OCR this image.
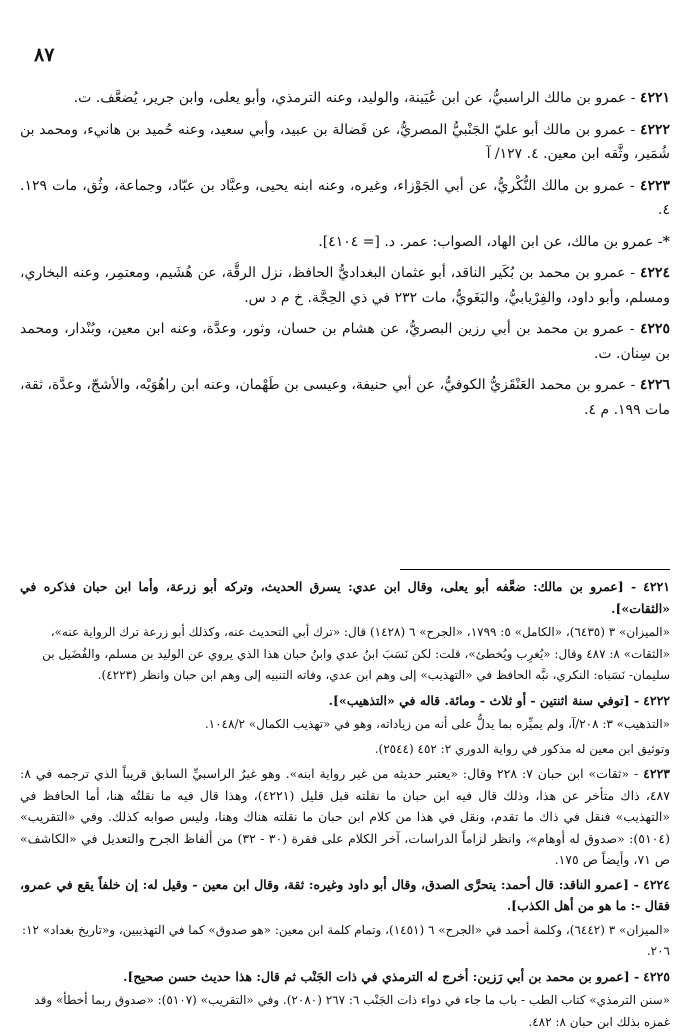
٨٧

٤٢٢١ - عمرو بن مالك الراسبيُّ، عن ابن عُيَينة، والوليد، وعنه الترمذي، وأبو يعلى، وابن جرير، يُضعَّف. ت.

٤٢٢٢ - عمرو بن مالك أبو عليّ الجَنْبيُّ المصريُّ، عن فَضالة بن عبيد، وأبي سعيد، وعنه حُميد بن هانيء، ومحمد بن شُمَير، وثَّقه ابن معين. ٤. ١٢٧/ آ

٤٢٢٣ - عمرو بن مالك النُّكْريُّ، عن أبي الجَوْزاء، وغيره، وعنه ابنه يحيى، وعبَّاد بن عبّاد، وجماعة، وثُق، مات ١٢٩. ٤.

*- عمرو بن مالك، عن ابن الهاد، الصواب: عمر. د. [= ٤١٠٤].

٤٢٢٤ - عمرو بن محمد بن بُكَير الناقد، أبو عثمان البغداديُّ الحافظ، نزل الرقَّة، عن هُشَيم، ومعتمِر، وعنه البخاري، ومسلم، وأبو داود، والفِرْيابيُّ، والبَغَويُّ، مات ٢٣٢ في ذي الحِجَّة. خ م د س.

٤٢٢٥ - عمرو بن محمد بن أبي رزين البصريُّ، عن هشام بن حسان، وثور، وعدَّة، وعنه ابن معين، وبُنْدار، ومحمد بن سِنان. ت.

٤٢٢٦ - عمرو بن محمد العَنْقَزيُّ الكوفيُّ، عن أبي حنيفة، وعيسى بن طَهْمان، وعنه ابن راهُوَيْه، والأشجّ، وعدَّة، ثقة، مات ١٩٩. م ٤.

٤٢٢١ - [عمرو بن مالك: ضعَّفه أبو يعلى، وقال ابن عدي: يسرق الحديث، وتركه أبو زرعة، وأما ابن حبان فذكره في «الثقات»].

«الميزان» ٣ (٦٤٣٥)، «الكامل» ٥: ١٧٩٩، «الجرح» ٦ (١٤٢٨) قال: «ترك أبي التحديث عنه، وكذلك أبو زرعة ترك الرواية عنه»، «الثقات» ٨: ٤٨٧ وقال: «يُغرِب ويُخطئ»، قلت: لكن نَسَبَ ابنُ عدي وابنُ حبان هذا الذي يروي عن الوليد بن مسلم، والفُضَيل بن سليمان- نَسَباه: النكري، نبَّه الحافظ في «التهذيب» إلى وهم ابن عدي، وفاته التنبيه إلى وهم ابن حبان وانظر (٤٢٢٣).

٤٢٢٢ - [توفي سنة اثنتين - أو ثلاث - ومائة. قاله في «التذهيب»].

«التذهيب» ٣: ٢٠٨/آ، ولم يميِّزه بما يدلُّ على أنه من زياداته، وهو في «تهذيب الكمال» ١٠٤٨/٢.

وتوثيق ابن معين له مذكور في رواية الدوري ٢: ٤٥٢ (٢٥٤٤).

٤٢٢٣ - «ثقات» ابن حبان ٧: ٢٢٨ وقال: «يعتبر حديثه من غير رواية ابنه». وهو غيرُ الراسبيِّ السابق قريباً الذي ترجمه في ٨: ٤٨٧، ذاك متأخر عن هذا، وذلك قال فيه ابن حبان ما نقلته قبل قليل (٤٢٢١)، وهذا قال فيه ما نقلتُه هنا، أما الحافظ في «التهذيب» فنقل في ذاك ما تقدم، ونقل في هذا من كلام ابن حبان ما نقلته هناك وهنا، وليس صوابه كذلك. وفي «التقريب» (٥١٠٤): «صدوق له أوهام»، وانظر لزاماً الدراسات، آخر الكلام على فقرة (٣٠ - ٣٢) من ألفاظ الجرح والتعديل في «الكاشف» ص ٧١، وأيضاً ص ١٧٥.

٤٢٢٤ - [عمرو الناقد: قال أحمد: يتحرَّى الصدق، وقال أبو داود وغيره: ثقة، وقال ابن معين - وقيل له: إن خلفاً يقع في عمرو، فقال -: ما هو من أهل الكذب].

«الميزان» ٣ (٦٤٤٢)، وكلمة أحمد في «الجرح» ٦ (١٤٥١)، وتمام كلمة ابن معين: «هو صدوق» كما في التهذيبين، و«تاريخ بغداد» ١٢: ٢٠٦.

٤٢٢٥ - [عمرو بن محمد بن أبي رَزين: أخرج له الترمذي في ذات الجَنْب ثم قال: هذا حديث حسن صحيح].

«سنن الترمذي» كتاب الطب - باب ما جاء في دواء ذات الجَنْب ٦: ٢٦٧ (٢٠٨٠). وفي «التقريب» (٥١٠٧): «صدوق ربما أخطأ» وقد غمزه بذلك ابن حبان ٨: ٤٨٢.
